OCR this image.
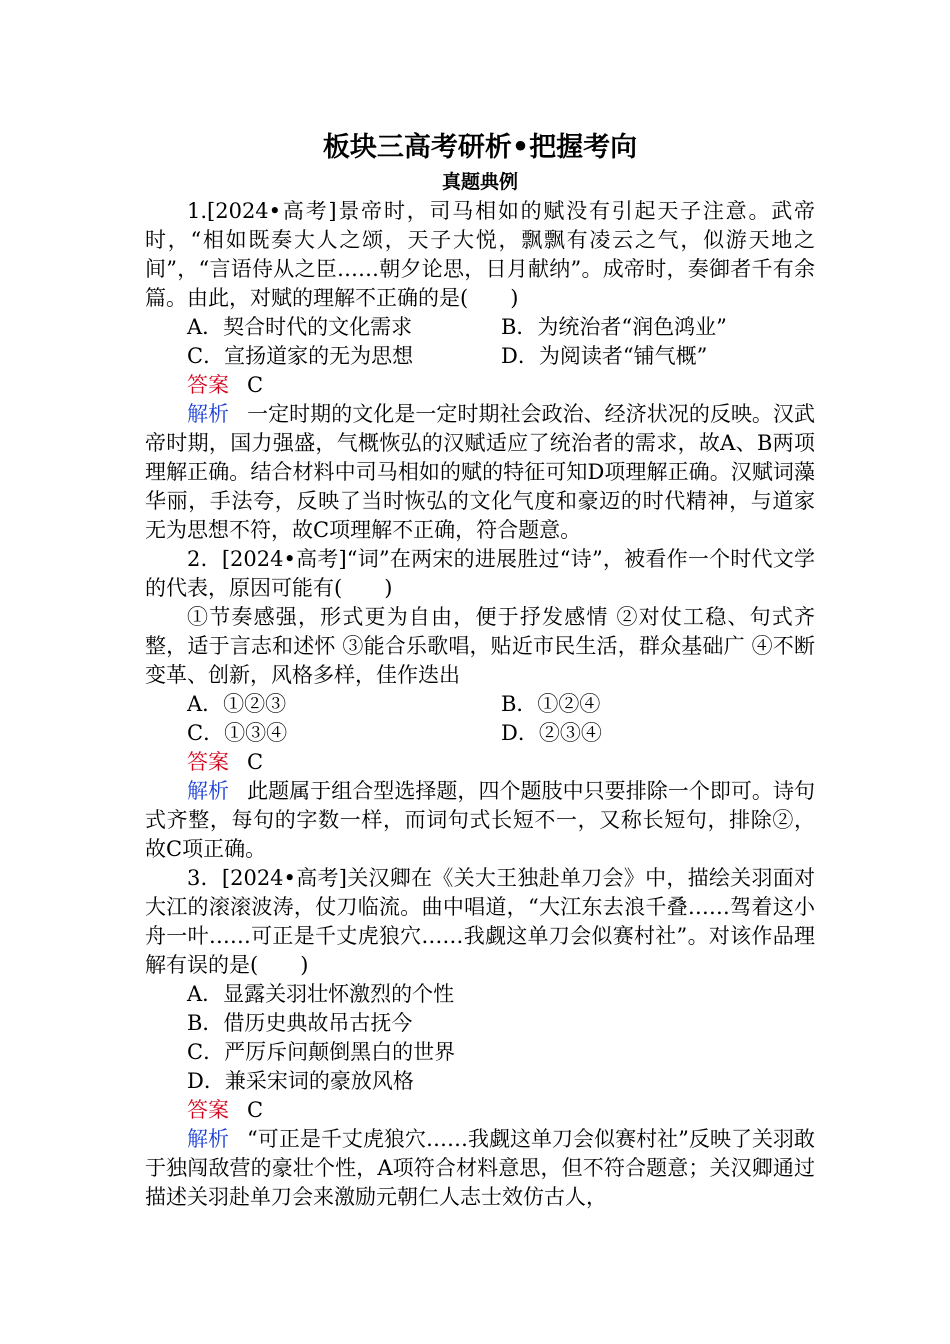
板块三高考研析•把握考向
真题典例

1.[2024•高考]景帝时，司马相如的赋没有引起天子注意。武帝时，“相如既奏大人之颂，天子大悦，飘飘有凌云之气，似游天地之间”，“言语侍从之臣……朝夕论思，日月献纳”。成帝时，奏御者千有余篇。由此，对赋的理解不正确的是(　　)

A．契合时代的文化需求	B．为统治者“润色鸿业”
C．宣扬道家的无为思想	D．为阅读者“铺气概”
答案 C

解析 一定时期的文化是一定时期社会政治、经济状况的反映。汉武帝时期，国力强盛，气概恢弘的汉赋适应了统治者的需求，故A、B两项理解正确。结合材料中司马相如的赋的特征可知D项理解正确。汉赋词藻华丽，手法夸，反映了当时恢弘的文化气度和豪迈的时代精神，与道家无为思想不符，故C项理解不正确，符合题意。

2．[2024•高考]“词”在两宋的进展胜过“诗”，被看作一个时代文学的代表，原因可能有(　　)

①节奏感强，形式更为自由，便于抒发感情 ②对仗工稳、句式齐整，适于言志和述怀 ③能合乐歌唱，贴近市民生活，群众基础广 ④不断变革、创新，风格多样，佳作迭出

A．①②③	B．①②④
C．①③④	D．②③④
答案 C

解析 此题属于组合型选择题，四个题肢中只要排除一个即可。诗句式齐整，每句的字数一样，而词句式长短不一，又称长短句，排除②，故C项正确。

3．[2024•高考]关汉卿在《关大王独赴单刀会》中，描绘关羽面对大江的滚滚波涛，仗刀临流。曲中唱道，“大江东去浪千叠……驾着这小舟一叶……可正是千丈虎狼穴……我觑这单刀会似赛村社”。对该作品理解有误的是(　　)

A．显露关羽壮怀激烈的个性
B．借历史典故吊古抚今
C．严厉斥问颠倒黑白的世界
D．兼采宋词的豪放风格
答案 C

解析 “可正是千丈虎狼穴……我觑这单刀会似赛村社”反映了关羽敢于独闯敌营的豪壮个性，A项符合材料意思，但不符合题意；关汉卿通过描述关羽赴单刀会来激励元朝仁人志士效仿古人，
